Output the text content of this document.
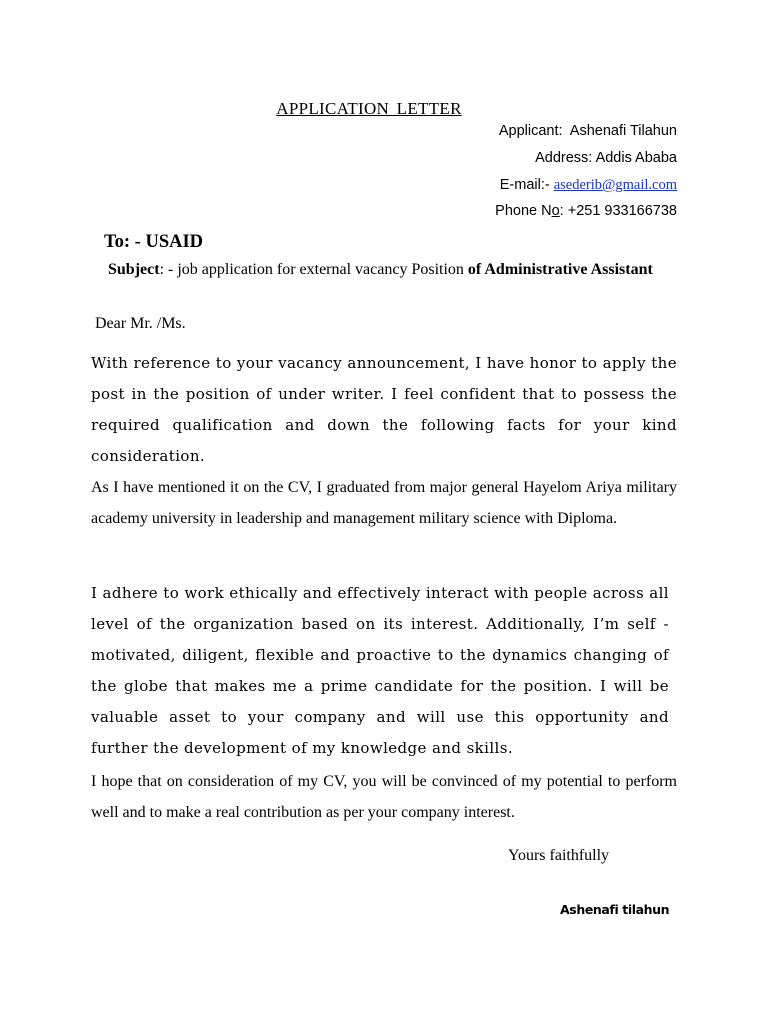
APPLICATION LETTER
Applicant: Ashenafi Tilahun
Address: Addis Ababa
E-mail:- asederib@gmail.com
Phone No: +251 933166738
To: - USAID
Subject: - job application for external vacancy Position of Administrative Assistant
Dear Mr. /Ms.
With reference to your vacancy announcement, I have honor to apply the post in the position of under writer. I feel confident that to possess the required qualification and down the following facts for your kind consideration.
As I have mentioned it on the CV, I graduated from major general Hayelom Ariya military academy university in leadership and management military science with Diploma.
I adhere to work ethically and effectively interact with people across all level of the organization based on its interest. Additionally, I’m self - motivated, diligent, flexible and proactive to the dynamics changing of the globe that makes me a prime candidate for the position. I will be valuable asset to your company and will use this opportunity and further the development of my knowledge and skills.
I hope that on consideration of my CV, you will be convinced of my potential to perform well and to make a real contribution as per your company interest.
Yours faithfully
Ashenafi tilahun
